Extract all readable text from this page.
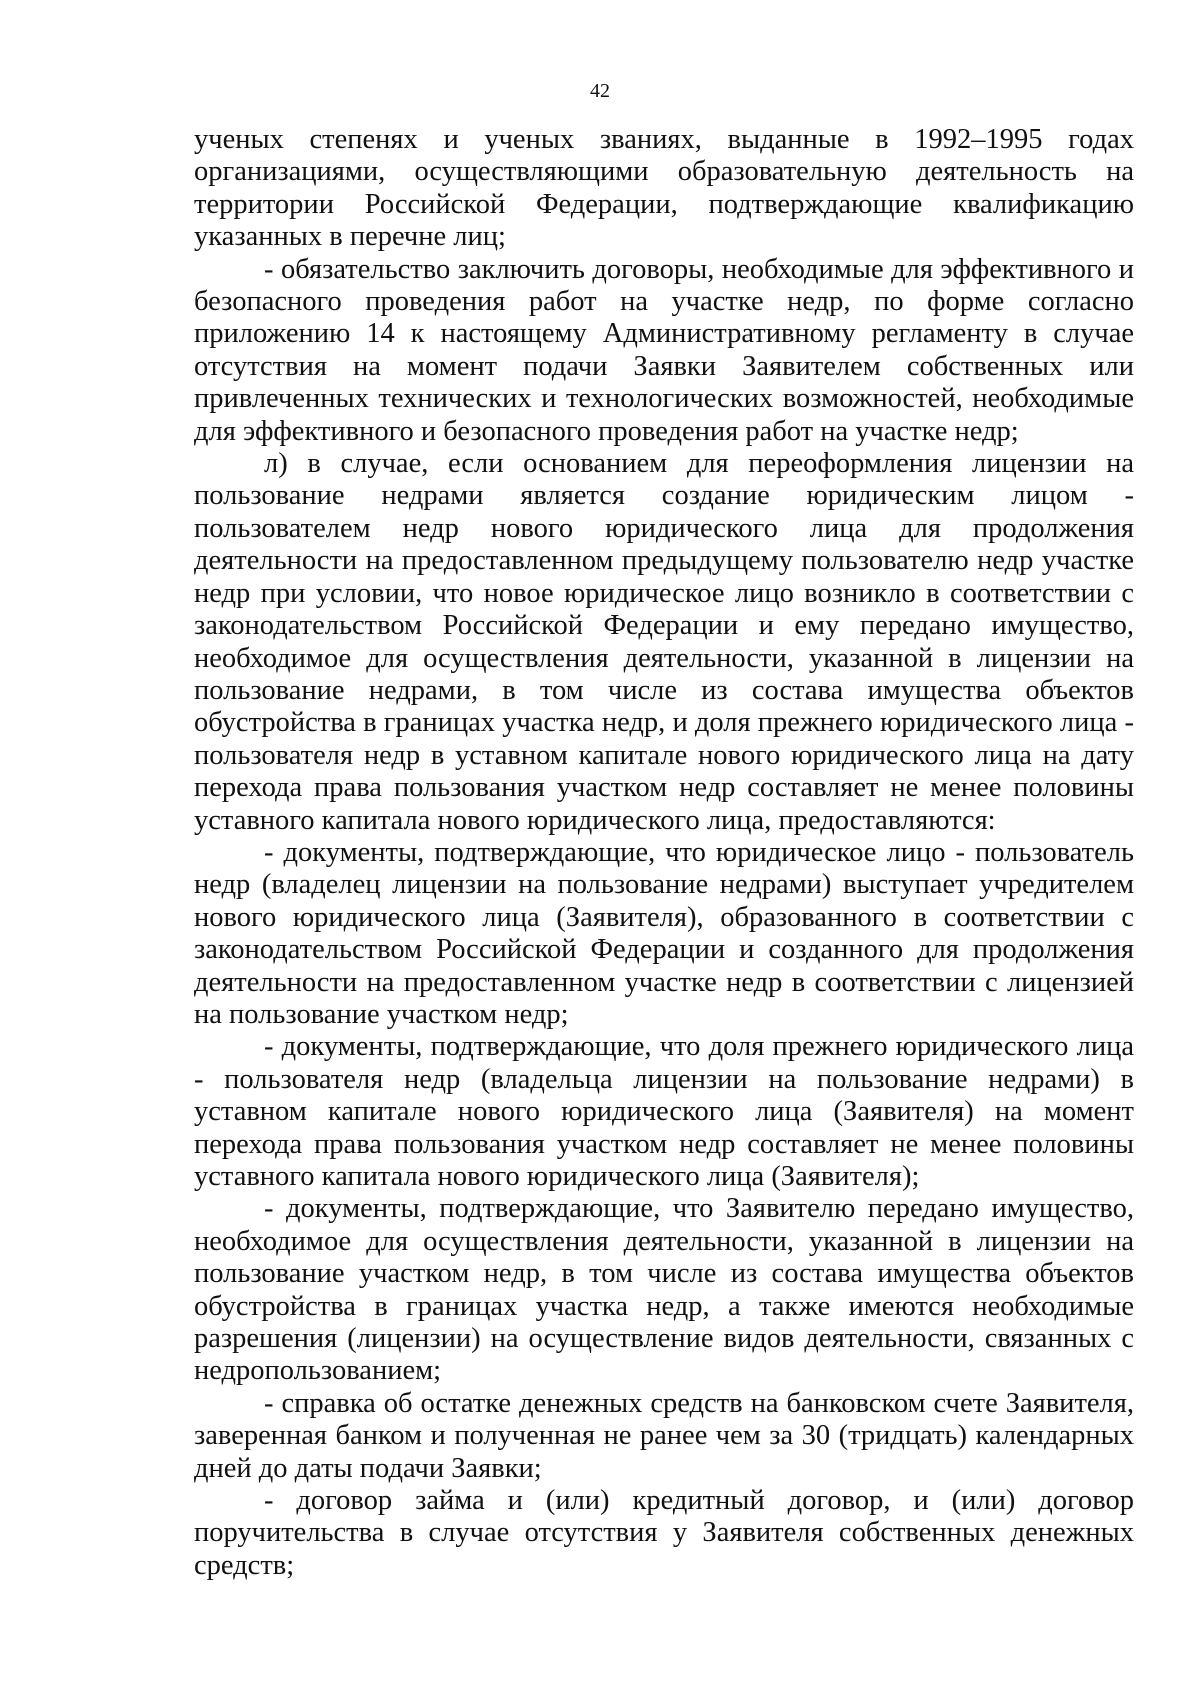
42

ученых степенях и ученых званиях, выданные в 1992–1995 годах организациями, осуществляющими образовательную деятельность на территории Российской Федерации, подтверждающие квалификацию указанных в перечне лиц;

- обязательство заключить договоры, необходимые для эффективного и безопасного проведения работ на участке недр, по форме согласно приложению 14 к настоящему Административному регламенту в случае отсутствия на момент подачи Заявки Заявителем собственных или привлеченных технических и технологических возможностей, необходимые для эффективного и безопасного проведения работ на участке недр;

л) в случае, если основанием для переоформления лицензии на пользование недрами является создание юридическим лицом - пользователем недр нового юридического лица для продолжения деятельности на предоставленном предыдущему пользователю недр участке недр при условии, что новое юридическое лицо возникло в соответствии с законодательством Российской Федерации и ему передано имущество, необходимое для осуществления деятельности, указанной в лицензии на пользование недрами, в том числе из состава имущества объектов обустройства в границах участка недр, и доля прежнего юридического лица - пользователя недр в уставном капитале нового юридического лица на дату перехода права пользования участком недр составляет не менее половины уставного капитала нового юридического лица, предоставляются:

- документы, подтверждающие, что юридическое лицо - пользователь недр (владелец лицензии на пользование недрами) выступает учредителем нового юридического лица (Заявителя), образованного в соответствии с законодательством Российской Федерации и созданного для продолжения деятельности на предоставленном участке недр в соответствии с лицензией на пользование участком недр;

- документы, подтверждающие, что доля прежнего юридического лица - пользователя недр (владельца лицензии на пользование недрами) в уставном капитале нового юридического лица (Заявителя) на момент перехода права пользования участком недр составляет не менее половины уставного капитала нового юридического лица (Заявителя);

- документы, подтверждающие, что Заявителю передано имущество, необходимое для осуществления деятельности, указанной в лицензии на пользование участком недр, в том числе из состава имущества объектов обустройства в границах участка недр, а также имеются необходимые разрешения (лицензии) на осуществление видов деятельности, связанных с недропользованием;

- справка об остатке денежных средств на банковском счете Заявителя, заверенная банком и полученная не ранее чем за 30 (тридцать) календарных дней до даты подачи Заявки;

- договор займа и (или) кредитный договор, и (или) договор поручительства в случае отсутствия у Заявителя собственных денежных средств;
